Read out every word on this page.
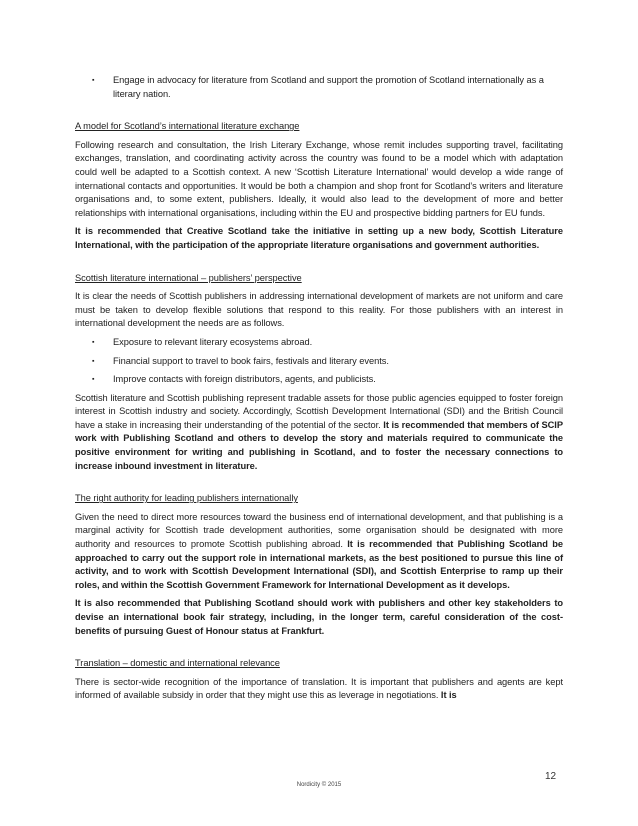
▪ Engage in advocacy for literature from Scotland and support the promotion of Scotland internationally as a literary nation.
A model for Scotland’s international literature exchange

Following research and consultation, the Irish Literary Exchange, whose remit includes supporting travel, facilitating exchanges, translation, and coordinating activity across the country was found to be a model which with adaptation could well be adapted to a Scottish context. A new ‘Scottish Literature International’ would develop a wide range of international contacts and opportunities. It would be both a champion and shop front for Scotland’s writers and literature organisations and, to some extent, publishers. Ideally, it would also lead to the development of more and better relationships with international organisations, including within the EU and prospective bidding partners for EU funds.

It is recommended that Creative Scotland take the initiative in setting up a new body, Scottish Literature International, with the participation of the appropriate literature organisations and government authorities.

Scottish literature international – publishers’ perspective

It is clear the needs of Scottish publishers in addressing international development of markets are not uniform and care must be taken to develop flexible solutions that respond to this reality. For those publishers with an interest in international development the needs are as follows.

▪ Exposure to relevant literary ecosystems abroad.
▪ Financial support to travel to book fairs, festivals and literary events.
▪ Improve contacts with foreign distributors, agents, and publicists.

Scottish literature and Scottish publishing represent tradable assets for those public agencies equipped to foster foreign interest in Scottish industry and society. Accordingly, Scottish Development International (SDI) and the British Council have a stake in increasing their understanding of the potential of the sector. It is recommended that members of SCIP work with Publishing Scotland and others to develop the story and materials required to communicate the positive environment for writing and publishing in Scotland, and to foster the necessary connections to increase inbound investment in literature.

The right authority for leading publishers internationally

Given the need to direct more resources toward the business end of international development, and that publishing is a marginal activity for Scottish trade development authorities, some organisation should be designated with more authority and resources to promote Scottish publishing abroad. It is recommended that Publishing Scotland be approached to carry out the support role in international markets, as the best positioned to pursue this line of activity, and to work with Scottish Development International (SDI), and Scottish Enterprise to ramp up their roles, and within the Scottish Government Framework for International Development as it develops.

It is also recommended that Publishing Scotland should work with publishers and other key stakeholders to devise an international book fair strategy, including, in the longer term, careful consideration of the cost-benefits of pursuing Guest of Honour status at Frankfurt.

Translation – domestic and international relevance

There is sector-wide recognition of the importance of translation. It is important that publishers and agents are kept informed of available subsidy in order that they might use this as leverage in negotiations. It is

12
Nordicity © 2015
